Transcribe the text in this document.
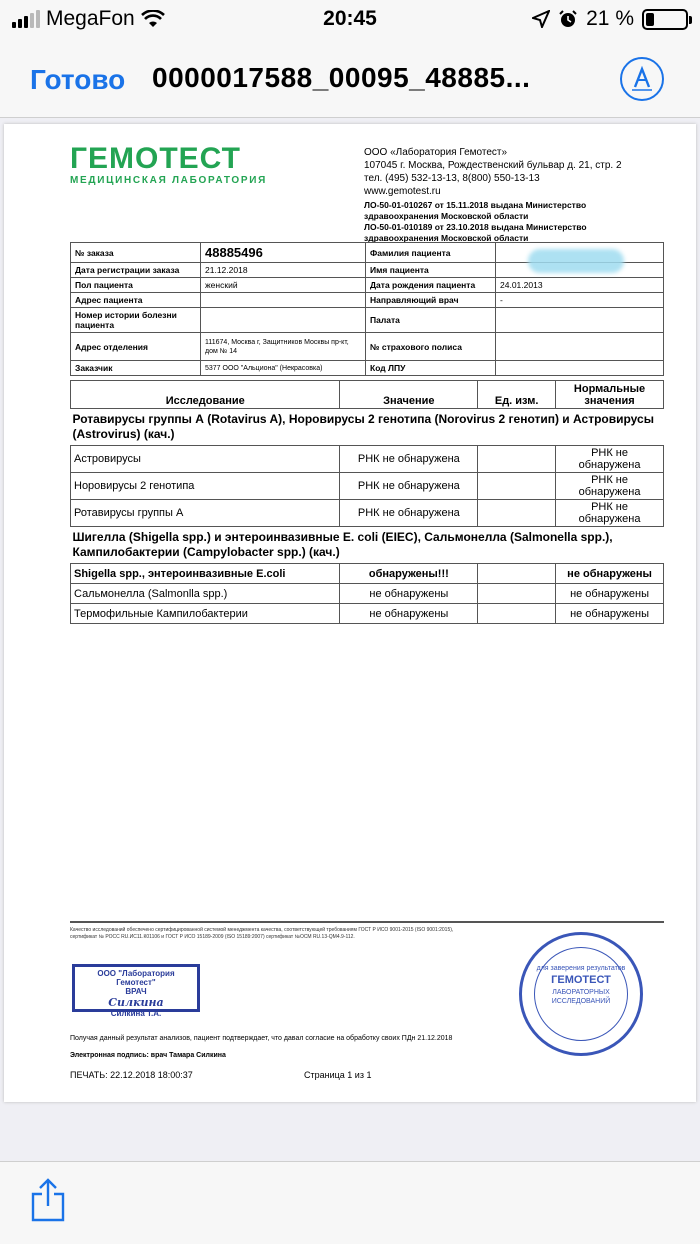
MegaFon	20:45	21 %
Готово 0000017588_00095_48885...
ГЕМОТЕСТ
МЕДИЦИНСКАЯ ЛАБОРАТОРИЯ
ООО «Лаборатория Гемотест»
107045 г. Москва, Рождественский бульвар д. 21, стр. 2
тел. (495) 532-13-13, 8(800) 550-13-13
www.gemotest.ru
ЛО-50-01-010267 от 15.11.2018 выдана Министерство
здравоохранения Московской области
ЛО-50-01-010189 от 23.10.2018 выдана Министерство
здравоохранения Московской области
№ заказа	48885496	Фамилия пациента	
Дата регистрации заказа	21.12.2018	Имя пациента	
Пол пациента	женский	Дата рождения пациента	24.01.2013
Адрес пациента		Направляющий врач	-
Номер истории болезни пациента		Палата	
Адрес отделения	111674, Москва г, Защитников Москвы пр-кт, дом № 14	№ страхового полиса	
Заказчик	5377 ООО "Альциона" (Некрасовка)	Код ЛПУ	
Исследование	Значение	Ед. изм.	Нормальные значения
Ротавирусы группы А (Rotavirus A), Норовирусы 2 генотипа (Norovirus 2 генотип) и Астровирусы (Astrovirus) (кач.)			
Астровирусы	РНК не обнаружена		РНК не обнаружена
Норовирусы 2 генотипа	РНК не обнаружена		РНК не обнаружена
Ротавирусы группы А	РНК не обнаружена		РНК не обнаружена
Шигелла (Shigella spp.) и энтероинвазивные E. coli (EIEC), Сальмонелла (Salmonella spp.), Кампилобактерии (Campylobacter spp.) (кач.)			
Shigella spp., энтероинвазивные E.coli	обнаружены!!!		не обнаружены
Сальмонелла (Salmonlla spp.)	не обнаружены		не обнаружены
Термофильные Кампилобактерии	не обнаружены		не обнаружены
Качество исследований обеспечено сертифицированной системой менеджмента качества, соответствующей требованиям ГОСТ Р ИСО 9001-2015 (ISO 9001:2015), сертификат № РОСС RU.ИС11.К01106 и ГОСТ Р ИСО 15189-2009 (ISO 15189:2007) сертификат №ОСМ RU.13-QM4.9-112.
ООО "Лаборатория Гемотест"
ВРАЧ
Силкина
Силкина Т.А.
для заверения результатов
ГЕМОТЕСТ
ЛАБОРАТОРНЫХ ИССЛЕДОВАНИЙ
Получая данный результат анализов, пациент подтверждает, что давал согласие на обработку своих ПДн 21.12.2018
Электронная подпись: врач Тамара Силкина
ПЕЧАТЬ: 22.12.2018 18:00:37	Страница 1 из 1
